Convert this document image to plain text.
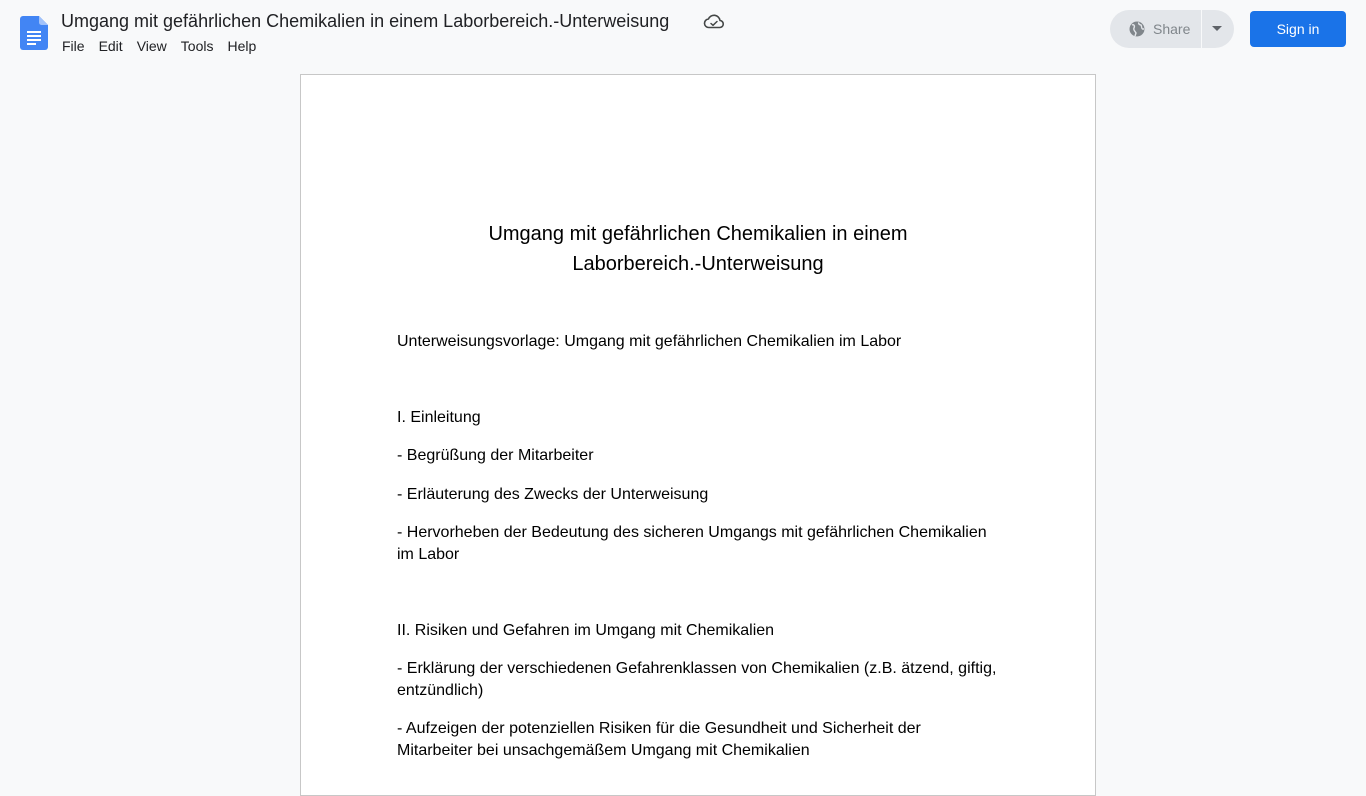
Umgang mit gefährlichen Chemikalien in einem Laborbereich.-Unterweisung
File	Edit	View	Tools	Help
Share	Sign in
Umgang mit gefährlichen Chemikalien in einem
Laborbereich.-Unterweisung
Unterweisungsvorlage: Umgang mit gefährlichen Chemikalien im Labor
I. Einleitung
- Begrüßung der Mitarbeiter
- Erläuterung des Zwecks der Unterweisung
- Hervorheben der Bedeutung des sicheren Umgangs mit gefährlichen Chemikalien im Labor
II. Risiken und Gefahren im Umgang mit Chemikalien
- Erklärung der verschiedenen Gefahrenklassen von Chemikalien (z.B. ätzend, giftig, entzündlich)
- Aufzeigen der potenziellen Risiken für die Gesundheit und Sicherheit der Mitarbeiter bei unsachgemäßem Umgang mit Chemikalien
